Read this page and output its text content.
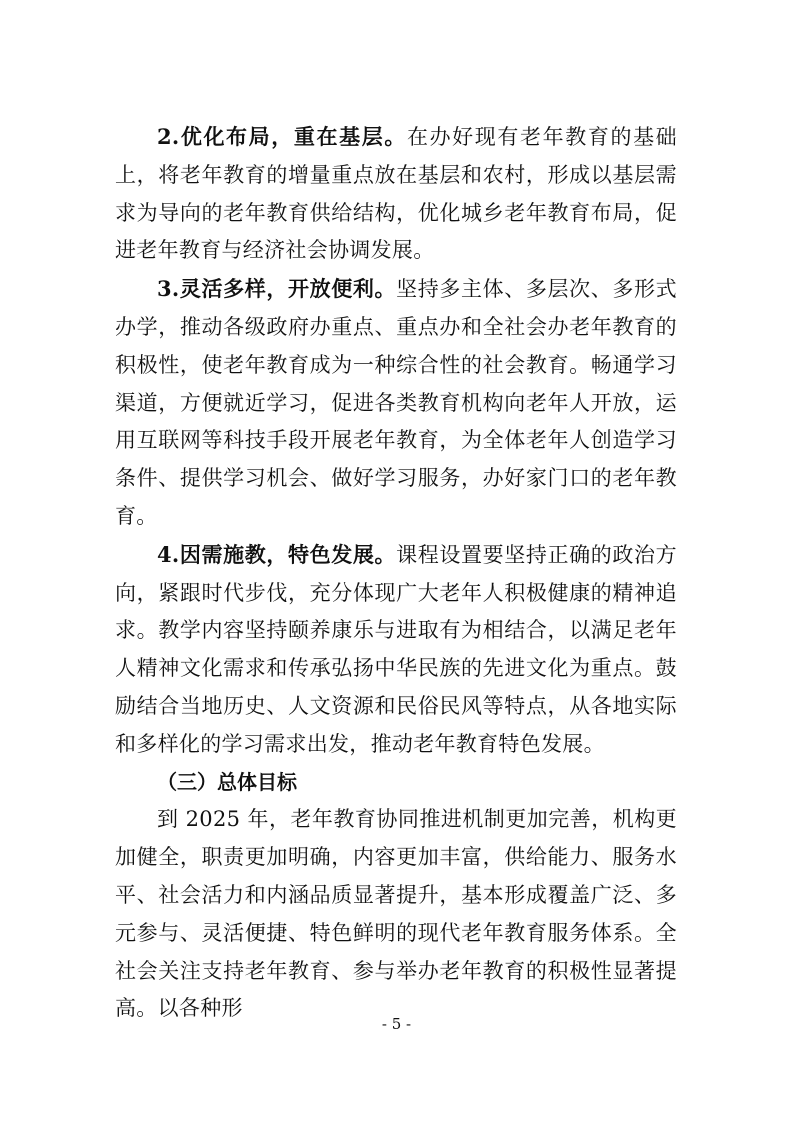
2.优化布局，重在基层。在办好现有老年教育的基础上，将老年教育的增量重点放在基层和农村，形成以基层需求为导向的老年教育供给结构，优化城乡老年教育布局，促进老年教育与经济社会协调发展。

3.灵活多样，开放便利。坚持多主体、多层次、多形式办学，推动各级政府办重点、重点办和全社会办老年教育的积极性，使老年教育成为一种综合性的社会教育。畅通学习渠道，方便就近学习，促进各类教育机构向老年人开放，运用互联网等科技手段开展老年教育，为全体老年人创造学习条件、提供学习机会、做好学习服务，办好家门口的老年教育。

4.因需施教，特色发展。课程设置要坚持正确的政治方向，紧跟时代步伐，充分体现广大老年人积极健康的精神追求。教学内容坚持颐养康乐与进取有为相结合，以满足老年人精神文化需求和传承弘扬中华民族的先进文化为重点。鼓励结合当地历史、人文资源和民俗民风等特点，从各地实际和多样化的学习需求出发，推动老年教育特色发展。

（三）总体目标

到 2025 年，老年教育协同推进机制更加完善，机构更加健全，职责更加明确，内容更加丰富，供给能力、服务水平、社会活力和内涵品质显著提升，基本形成覆盖广泛、多元参与、灵活便捷、特色鲜明的现代老年教育服务体系。全社会关注支持老年教育、参与举办老年教育的积极性显著提高。以各种形

- 5 -
